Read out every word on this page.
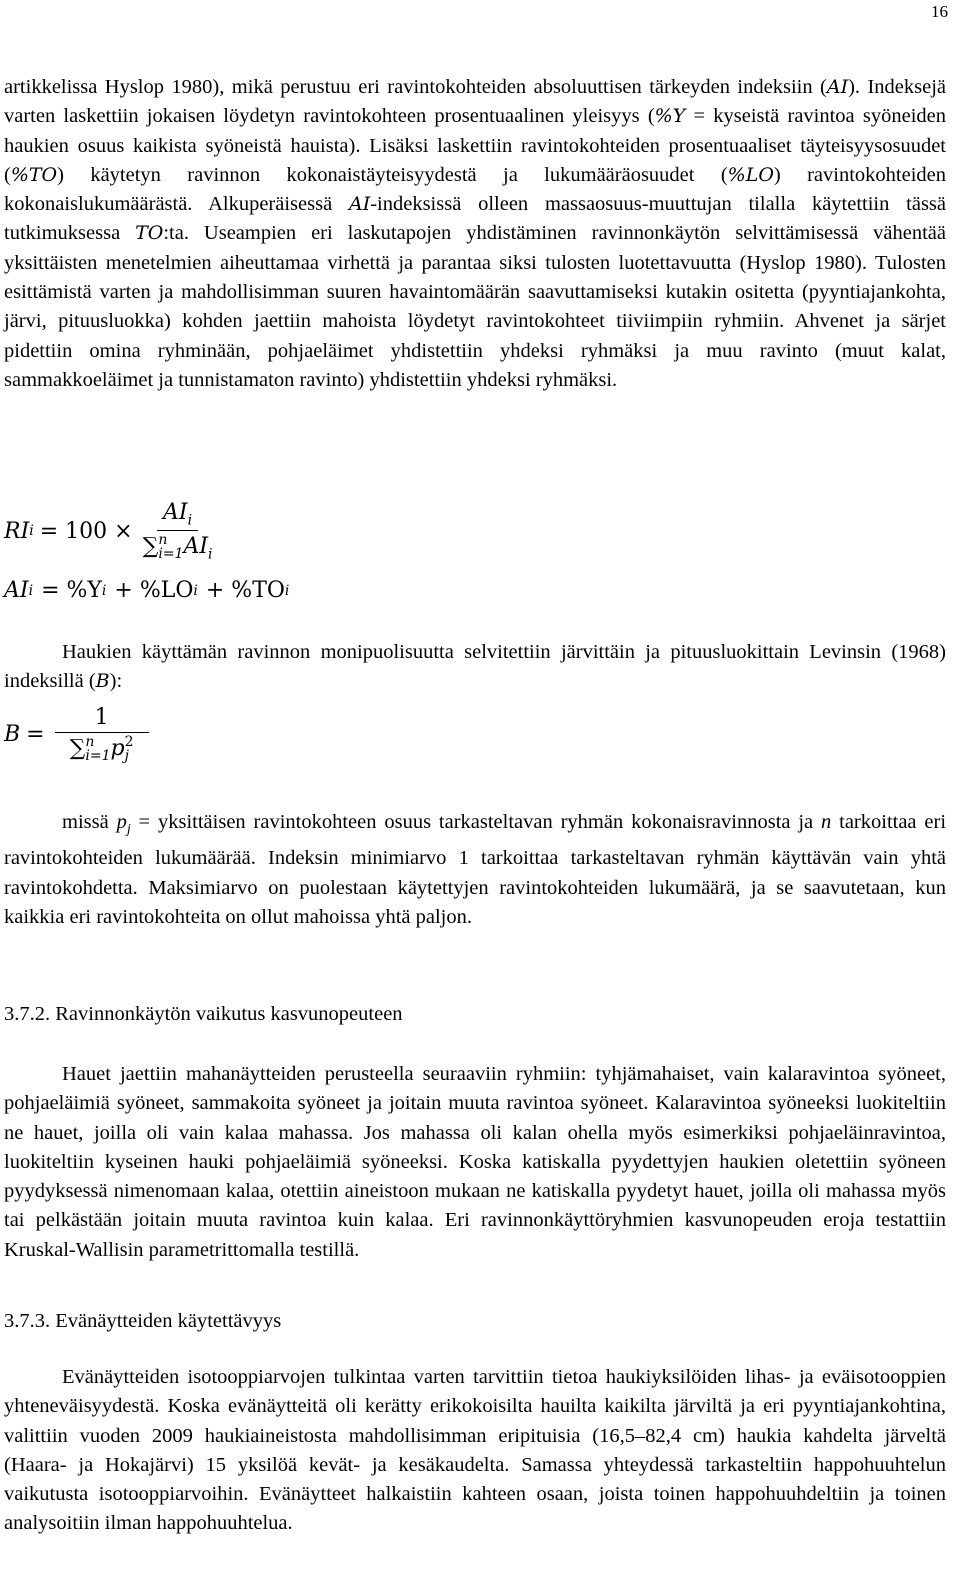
16
artikkelissa Hyslop 1980), mikä perustuu eri ravintokohteiden absoluuttisen tärkeyden indeksiin (AI). Indeksejä varten laskettiin jokaisen löydetyn ravintokohteen prosentuaalinen yleisyys (%Y = kyseistä ravintoa syöneiden haukien osuus kaikista syöneistä hauista). Lisäksi laskettiin ravintokohteiden prosentuaaliset täyteisyysosuudet (%TO) käytetyn ravinnon kokonaistäyteisyydestä ja lukumääräosuudet (%LO) ravintokohteiden kokonaislukumäärästä. Alkuperäisessä AI-indeksissä olleen massaosuus-muuttujan tilalla käytettiin tässä tutkimuksessa TO:ta. Useampien eri laskutapojen yhdistäminen ravinnonkäytön selvittämisessä vähentää yksittäisten menetelmien aiheuttamaa virhettä ja parantaa siksi tulosten luotettavuutta (Hyslop 1980). Tulosten esittämistä varten ja mahdollisimman suuren havaintomäärän saavuttamiseksi kutakin ositetta (pyyntiajankohta, järvi, pituusluokka) kohden jaettiin mahoista löydetyt ravintokohteet tiiviimpiin ryhmiin. Ahvenet ja särjet pidettiin omina ryhminään, pohjaeläimet yhdistettiin yhdeksi ryhmäksi ja muu ravinto (muut kalat, sammakkoeläimet ja tunnistamaton ravinto) yhdistettiin yhdeksi ryhmäksi.
RI $i = 100 \times AI_i$
∑ n
i=1 $AI_i$
AI i = %Y i + %LO i + %TO i
Haukien käyttämän ravinnon monipuolisuutta selvitettiin järvittäin ja pituusluokittain Levinsin (1968) indeksillä (B):
B = 1
∑ n
i=1 p 2
j
missä $p_j$ = yksittäisen ravintokohteen osuus tarkasteltavan ryhmän kokonaisravinnosta ja n tarkoittaa eri ravintokohteiden lukumäärää. Indeksin minimiarvo 1 tarkoittaa tarkasteltavan ryhmän käyttävän vain yhtä ravintokohdetta. Maksimiarvo on puolestaan käytettyjen ravintokohteiden lukumäärä, ja se saavutetaan, kun kaikkia eri ravintokohteita on ollut mahoissa yhtä paljon.
3.7.2. Ravinnonkäytön vaikutus kasvunopeuteen
Hauet jaettiin mahanäytteiden perusteella seuraaviin ryhmiin: tyhjämahaiset, vain kalaravintoa syöneet, pohjaeläimiä syöneet, sammakoita syöneet ja joitain muuta ravintoa syöneet. Kalaravintoa syöneeksi luokiteltiin ne hauet, joilla oli vain kalaa mahassa. Jos mahassa oli kalan ohella myös esimerkiksi pohjaeläinravintoa, luokiteltiin kyseinen hauki pohjaeläimiä syöneeksi. Koska katiskalla pyydettyjen haukien oletettiin syöneen pyydyksessä nimenomaan kalaa, otettiin aineistoon mukaan ne katiskalla pyydetyt hauet, joilla oli mahassa myös tai pelkästään joitain muuta ravintoa kuin kalaa. Eri ravinnonkäyttöryhmien kasvunopeuden eroja testattiin Kruskal-Wallisin parametrittomalla testillä.
3.7.3. Evänäytteiden käytettävyys
Evänäytteiden isotooppiarvojen tulkintaa varten tarvittiin tietoa haukiyksilöiden lihas- ja eväisotooppien yhteneväisyydestä. Koska evänäytteitä oli kerätty erikokoisilta hauilta kaikilta järviltä ja eri pyyntiajankohtina, valittiin vuoden 2009 haukiaineistosta mahdollisimman eripituisia (16,5–82,4 cm) haukia kahdelta järveltä (Haara- ja Hokajärvi) 15 yksilöä kevät- ja kesäkaudelta. Samassa yhteydessä tarkasteltiin happohuuhtelun vaikutusta isotooppiarvoihin. Evänäytteet halkaistiin kahteen osaan, joista toinen happohuuhdeltiin ja toinen analysoitiin ilman happohuuhtelua.
